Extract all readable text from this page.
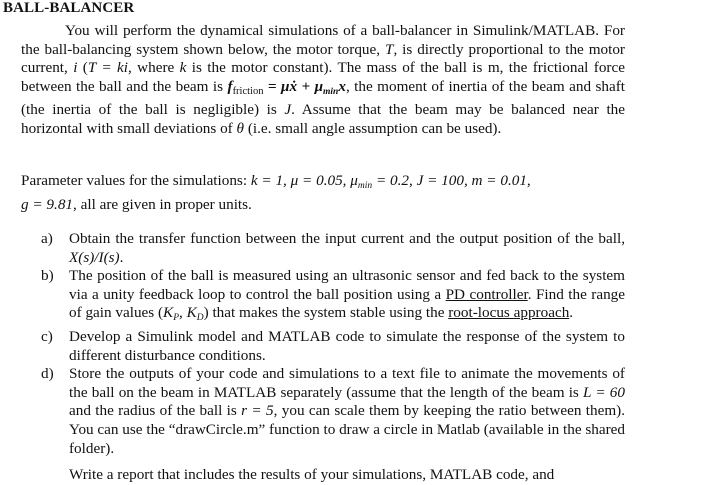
BALL-BALANCER
You will perform the dynamical simulations of a ball-balancer in Simulink/MATLAB. For the ball-balancing system shown below, the motor torque, T, is directly proportional to the motor current, i (T = ki, where k is the motor constant). The mass of the ball is m, the frictional force between the ball and the beam is $f_{friction}$ = μẋ + μminx, the moment of inertia of the beam and shaft (the inertia of the ball is negligible) is J. Assume that the beam may be balanced near the horizontal with small deviations of θ (i.e. small angle assumption can be used).
Parameter values for the simulations: k = 1, μ = 0.05, μmin = 0.2, J = 100, m = 0.01,
g = 9.81, all are given in proper units.
a) Obtain the transfer function between the input current and the output position of the ball, X(s)/I(s).
b) The position of the ball is measured using an ultrasonic sensor and fed back to the system via a unity feedback loop to control the ball position using a PD controller. Find the range of gain values (KP, KD) that makes the system stable using the root-locus approach.
c) Develop a Simulink model and MATLAB code to simulate the response of the system to different disturbance conditions.
d) Store the outputs of your code and simulations to a text file to animate the movements of the ball on the beam in MATLAB separately (assume that the length of the beam is L = 60 and the radius of the ball is r = 5, you can scale them by keeping the ratio between them). You can use the “drawCircle.m” function to draw a circle in Matlab (available in the shared folder).
Write a report that includes the results of your simulations, MATLAB code, and
